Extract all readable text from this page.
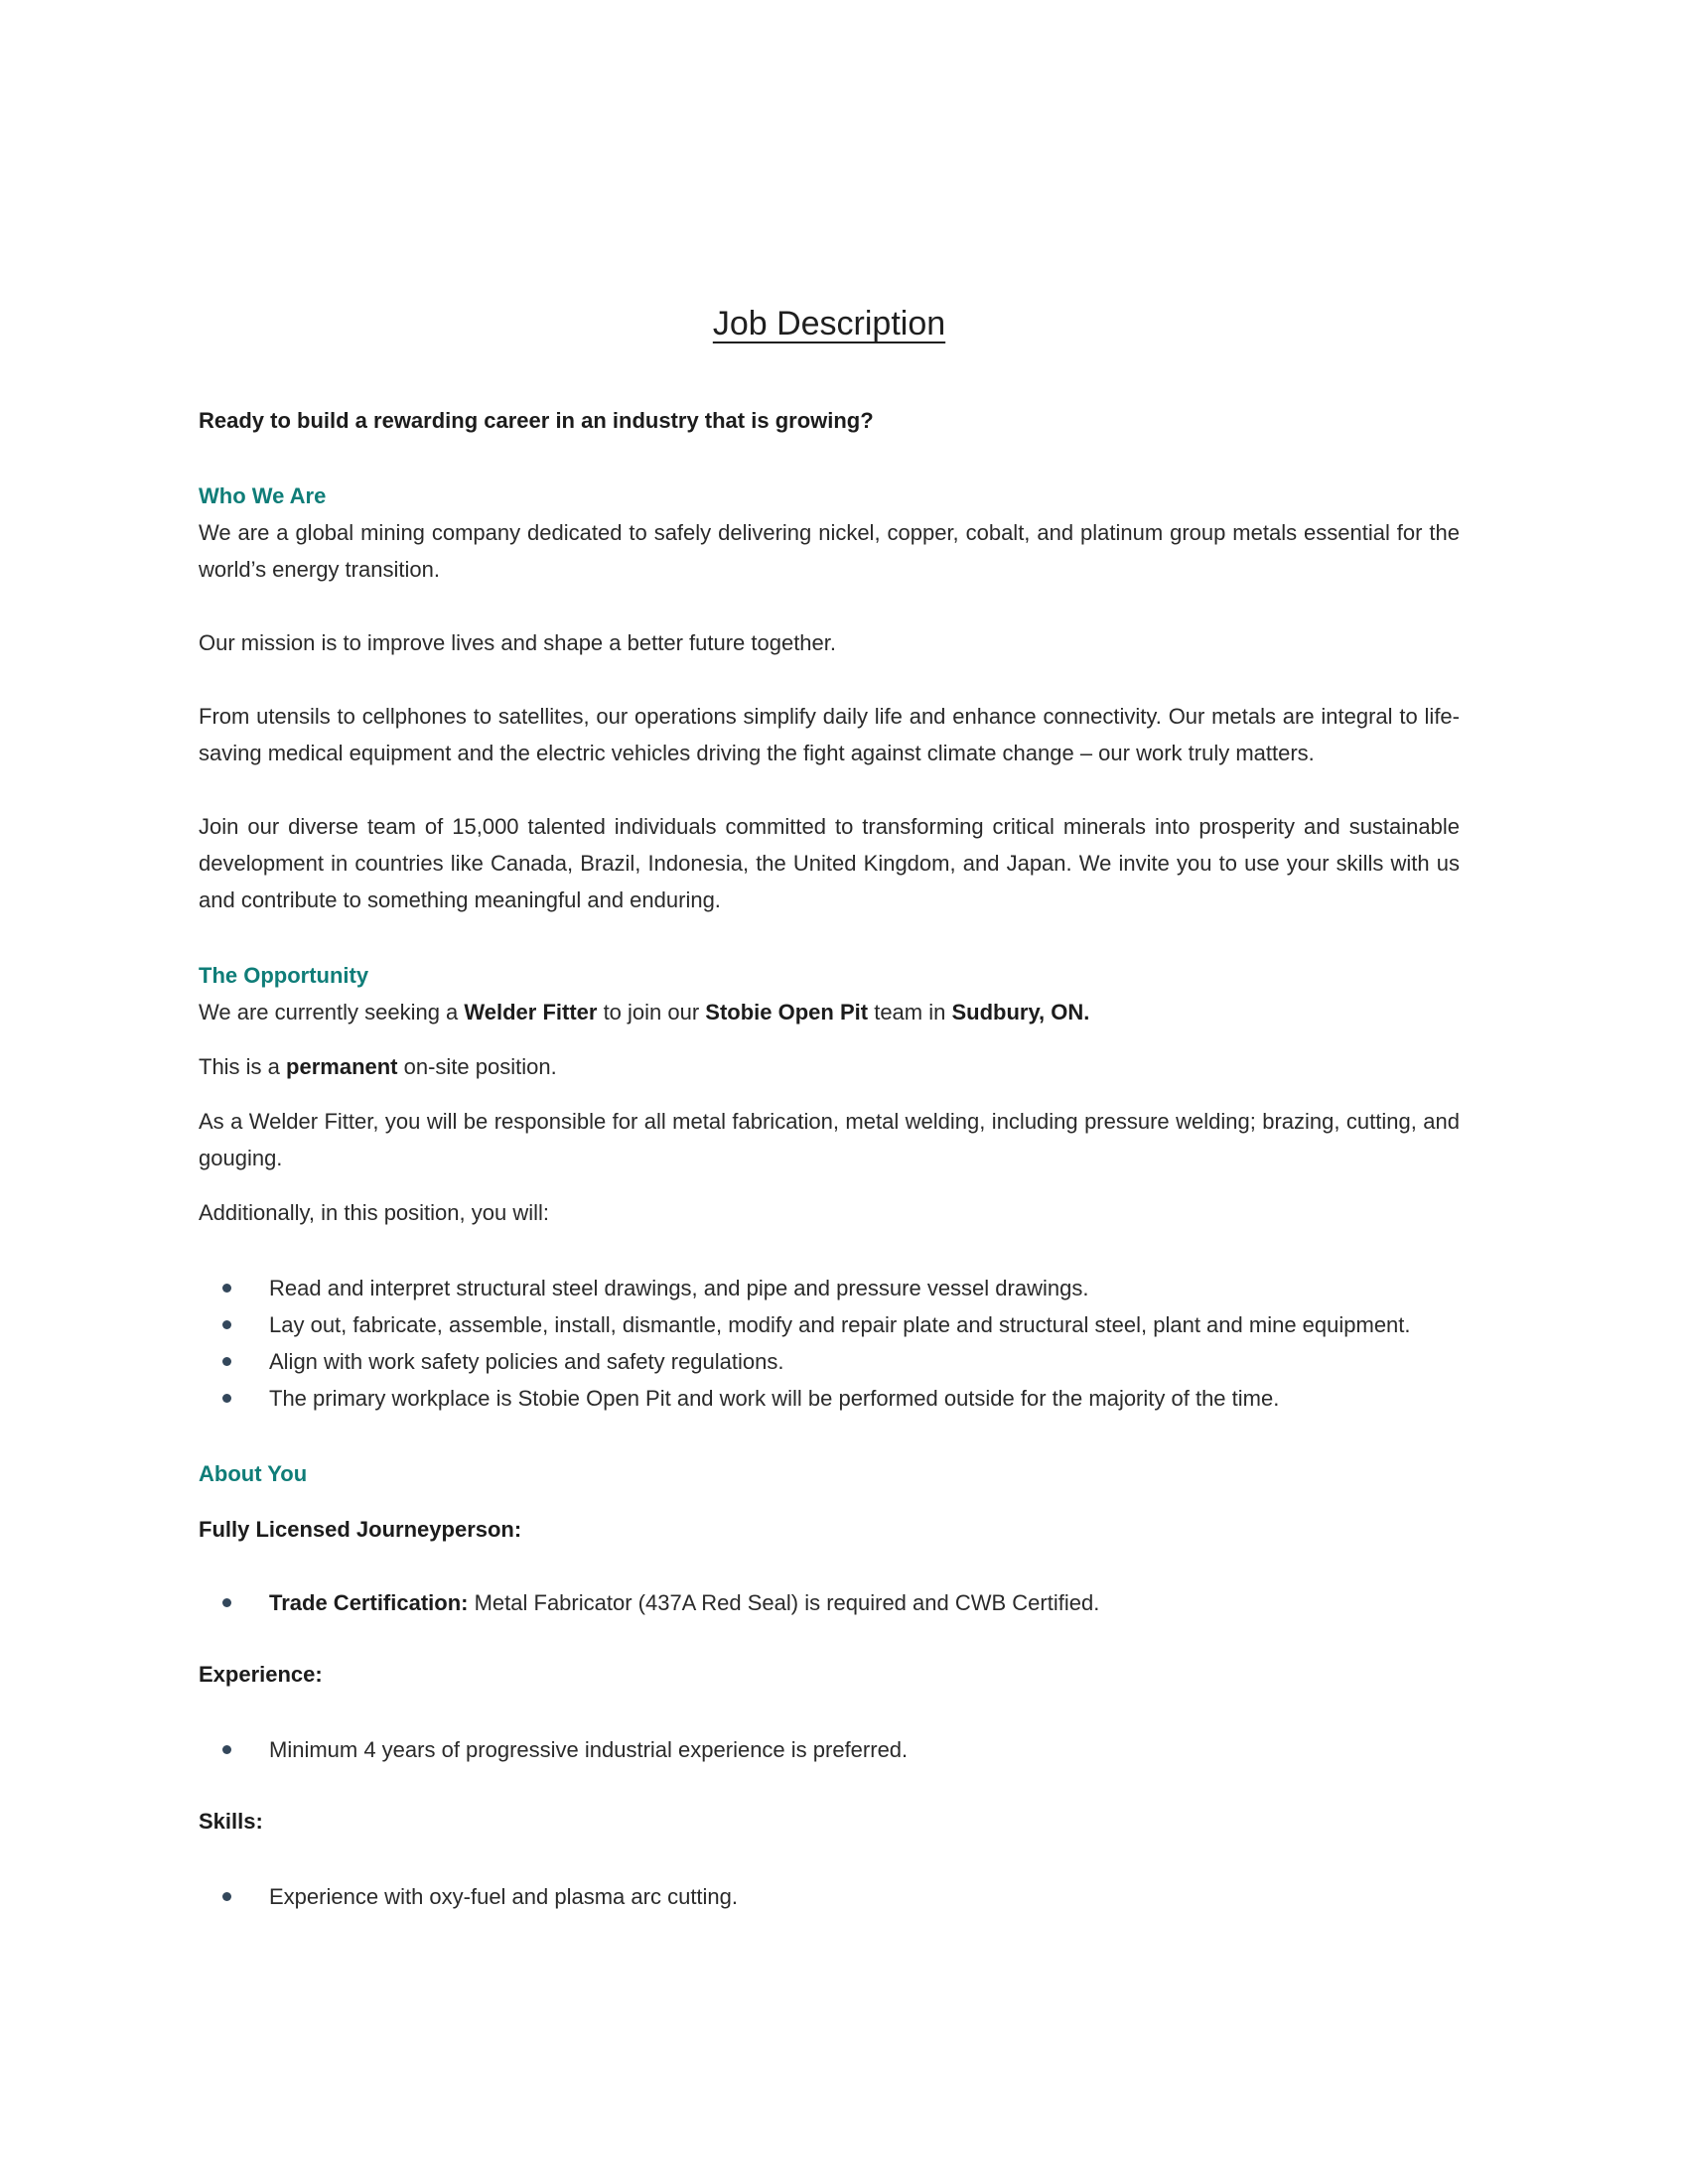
Job Description

Ready to build a rewarding career in an industry that is growing?

Who We Are

We are a global mining company dedicated to safely delivering nickel, copper, cobalt, and platinum group metals essential for the world’s energy transition.

Our mission is to improve lives and shape a better future together.

From utensils to cellphones to satellites, our operations simplify daily life and enhance connectivity. Our metals are integral to life-saving medical equipment and the electric vehicles driving the fight against climate change – our work truly matters.

Join our diverse team of 15,000 talented individuals committed to transforming critical minerals into prosperity and sustainable development in countries like Canada, Brazil, Indonesia, the United Kingdom, and Japan. We invite you to use your skills with us and contribute to something meaningful and enduring.

The Opportunity

We are currently seeking a Welder Fitter to join our Stobie Open Pit team in Sudbury, ON.

This is a permanent on-site position.

As a Welder Fitter, you will be responsible for all metal fabrication, metal welding, including pressure welding; brazing, cutting, and gouging.

Additionally, in this position, you will:

Read and interpret structural steel drawings, and pipe and pressure vessel drawings.
Lay out, fabricate, assemble, install, dismantle, modify and repair plate and structural steel, plant and mine equipment.
Align with work safety policies and safety regulations.
The primary workplace is Stobie Open Pit and work will be performed outside for the majority of the time.
About You

Fully Licensed Journeyperson:

Trade Certification: Metal Fabricator (437A Red Seal) is required and CWB Certified.

Experience:

Minimum 4 years of progressive industrial experience is preferred.

Skills:

Experience with oxy-fuel and plasma arc cutting.
